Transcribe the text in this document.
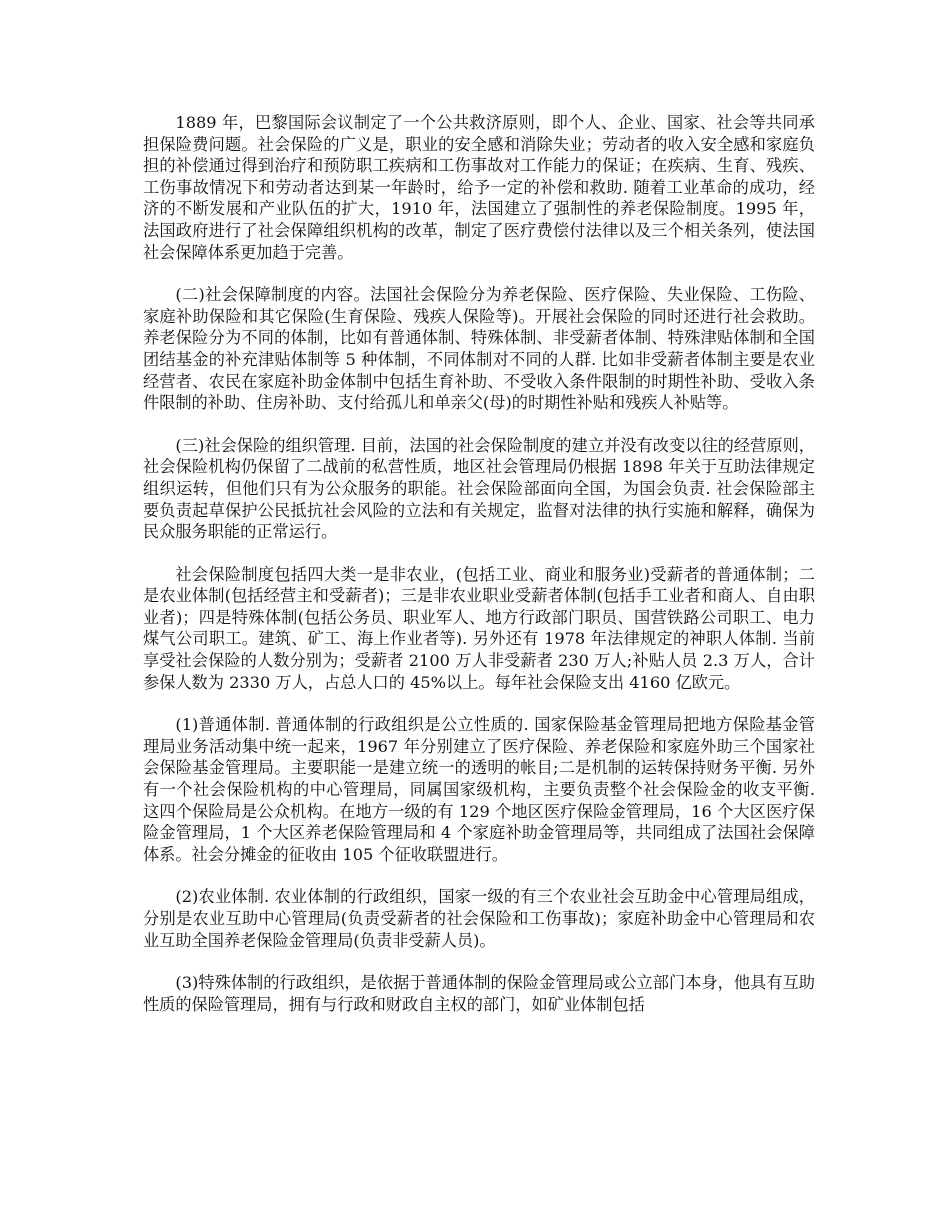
1889 年，巴黎国际会议制定了一个公共救济原则，即个人、企业、国家、社会等共同承担保险费问题。社会保险的广义是，职业的安全感和消除失业；劳动者的收入安全感和家庭负担的补偿通过得到治疗和预防职工疾病和工伤事故对工作能力的保证；在疾病、生育、残疾、工伤事故情况下和劳动者达到某一年龄时，给予一定的补偿和救助. 随着工业革命的成功，经济的不断发展和产业队伍的扩大，1910 年，法国建立了强制性的养老保险制度。1995 年，法国政府进行了社会保障组织机构的改革，制定了医疗费偿付法律以及三个相关条列，使法国社会保障体系更加趋于完善。

(二)社会保障制度的内容。法国社会保险分为养老保险、医疗保险、失业保险、工伤险、家庭补助保险和其它保险(生育保险、残疾人保险等)。开展社会保险的同时还进行社会救助。养老保险分为不同的体制，比如有普通体制、特殊体制、非受薪者体制、特殊津贴体制和全国团结基金的补充津贴体制等 5 种体制，不同体制对不同的人群. 比如非受薪者体制主要是农业经营者、农民在家庭补助金体制中包括生育补助、不受收入条件限制的时期性补助、受收入条件限制的补助、住房补助、支付给孤儿和单亲父(母)的时期性补贴和残疾人补贴等。

(三)社会保险的组织管理. 目前，法国的社会保险制度的建立并没有改变以往的经营原则，社会保险机构仍保留了二战前的私营性质，地区社会管理局仍根据 1898 年关于互助法律规定组织运转，但他们只有为公众服务的职能。社会保险部面向全国，为国会负责. 社会保险部主要负责起草保护公民抵抗社会风险的立法和有关规定，监督对法律的执行实施和解释，确保为民众服务职能的正常运行。

社会保险制度包括四大类一是非农业，(包括工业、商业和服务业)受薪者的普通体制；二是农业体制(包括经营主和受薪者)；三是非农业职业受薪者体制(包括手工业者和商人、自由职业者)；四是特殊体制(包括公务员、职业军人、地方行政部门职员、国营铁路公司职工、电力煤气公司职工。建筑、矿工、海上作业者等). 另外还有 1978 年法律规定的神职人体制. 当前享受社会保险的人数分别为；受薪者 2100 万人非受薪者 230 万人;补贴人员 2.3 万人，合计参保人数为 2330 万人，占总人口的 45%以上。每年社会保险支出 4160 亿欧元。

(1)普通体制. 普通体制的行政组织是公立性质的. 国家保险基金管理局把地方保险基金管理局业务活动集中统一起来，1967 年分别建立了医疗保险、养老保险和家庭外助三个国家社会保险基金管理局。主要职能一是建立统一的透明的帐目;二是机制的运转保持财务平衡. 另外有一个社会保险机构的中心管理局，同属国家级机构，主要负责整个社会保险金的收支平衡. 这四个保险局是公众机构。在地方一级的有 129 个地区医疗保险金管理局，16 个大区医疗保险金管理局，1 个大区养老保险管理局和 4 个家庭补助金管理局等，共同组成了法国社会保障体系。社会分摊金的征收由 105 个征收联盟进行。

(2)农业体制. 农业体制的行政组织，国家一级的有三个农业社会互助金中心管理局组成，分别是农业互助中心管理局(负责受薪者的社会保险和工伤事故)；家庭补助金中心管理局和农业互助全国养老保险金管理局(负责非受薪人员)。

(3)特殊体制的行政组织，是依据于普通体制的保险金管理局或公立部门本身，他具有互助性质的保险管理局，拥有与行政和财政自主权的部门，如矿业体制包括
